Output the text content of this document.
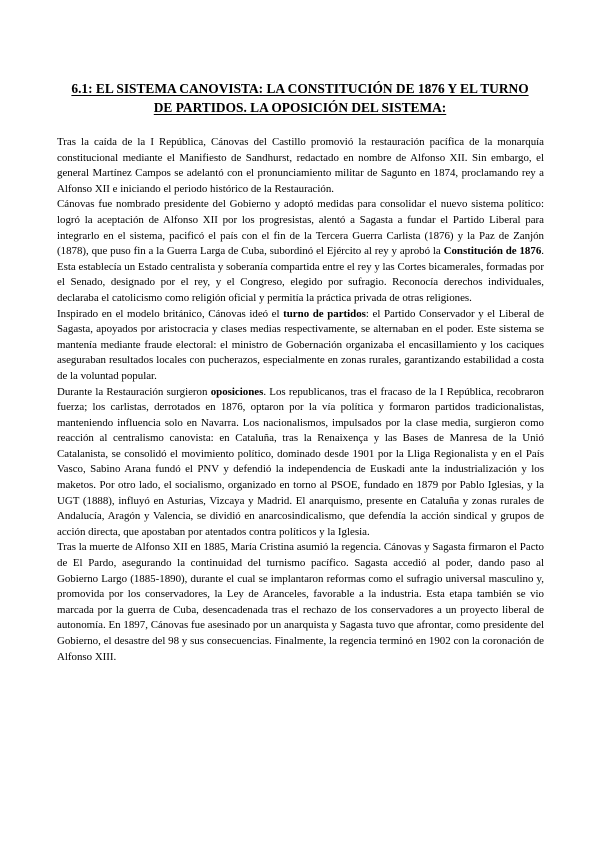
6.1: EL SISTEMA CANOVISTA: LA CONSTITUCIÓN DE 1876 Y EL TURNO DE PARTIDOS. LA OPOSICIÓN DEL SISTEMA:

Tras la caída de la I República, Cánovas del Castillo promovió la restauración pacífica de la monarquía constitucional mediante el Manifiesto de Sandhurst, redactado en nombre de Alfonso XII. Sin embargo, el general Martínez Campos se adelantó con el pronunciamiento militar de Sagunto en 1874, proclamando rey a Alfonso XII e iniciando el periodo histórico de la Restauración.

Cánovas fue nombrado presidente del Gobierno y adoptó medidas para consolidar el nuevo sistema político: logró la aceptación de Alfonso XII por los progresistas, alentó a Sagasta a fundar el Partido Liberal para integrarlo en el sistema, pacificó el país con el fin de la Tercera Guerra Carlista (1876) y la Paz de Zanjón (1878), que puso fin a la Guerra Larga de Cuba, subordinó el Ejército al rey y aprobó la Constitución de 1876. Esta establecía un Estado centralista y soberanía compartida entre el rey y las Cortes bicamerales, formadas por el Senado, designado por el rey, y el Congreso, elegido por sufragio. Reconocía derechos individuales, declaraba el catolicismo como religión oficial y permitía la práctica privada de otras religiones.

Inspirado en el modelo británico, Cánovas ideó el turno de partidos: el Partido Conservador y el Liberal de Sagasta, apoyados por aristocracia y clases medias respectivamente, se alternaban en el poder. Este sistema se mantenía mediante fraude electoral: el ministro de Gobernación organizaba el encasillamiento y los caciques aseguraban resultados locales con pucherazos, especialmente en zonas rurales, garantizando estabilidad a costa de la voluntad popular.

Durante la Restauración surgieron oposiciones. Los republicanos, tras el fracaso de la I República, recobraron fuerza; los carlistas, derrotados en 1876, optaron por la vía política y formaron partidos tradicionalistas, manteniendo influencia solo en Navarra. Los nacionalismos, impulsados por la clase media, surgieron como reacción al centralismo canovista: en Cataluña, tras la Renaixença y las Bases de Manresa de la Unió Catalanista, se consolidó el movimiento político, dominado desde 1901 por la Lliga Regionalista y en el País Vasco, Sabino Arana fundó el PNV y defendió la independencia de Euskadi ante la industrialización y los maketos. Por otro lado, el socialismo, organizado en torno al PSOE, fundado en 1879 por Pablo Iglesias, y la UGT (1888), influyó en Asturias, Vizcaya y Madrid. El anarquismo, presente en Cataluña y zonas rurales de Andalucía, Aragón y Valencia, se dividió en anarcosindicalismo, que defendía la acción sindical y grupos de acción directa, que apostaban por atentados contra políticos y la Iglesia.

Tras la muerte de Alfonso XII en 1885, María Cristina asumió la regencia. Cánovas y Sagasta firmaron el Pacto de El Pardo, asegurando la continuidad del turnismo pacífico. Sagasta accedió al poder, dando paso al Gobierno Largo (1885-1890), durante el cual se implantaron reformas como el sufragio universal masculino y, promovida por los conservadores, la Ley de Aranceles, favorable a la industria. Esta etapa también se vio marcada por la guerra de Cuba, desencadenada tras el rechazo de los conservadores a un proyecto liberal de autonomía. En 1897, Cánovas fue asesinado por un anarquista y Sagasta tuvo que afrontar, como presidente del Gobierno, el desastre del 98 y sus consecuencias. Finalmente, la regencia terminó en 1902 con la coronación de Alfonso XIII.
